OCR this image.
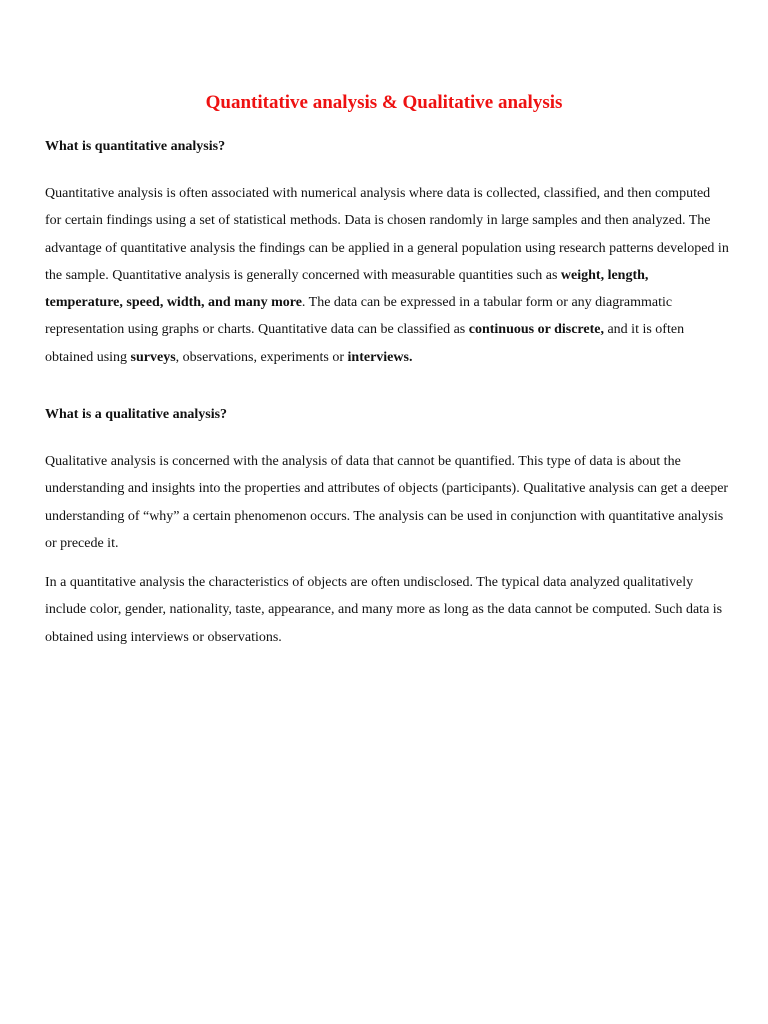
Quantitative analysis & Qualitative analysis
What is quantitative analysis?

Quantitative analysis is often associated with numerical analysis where data is collected, classified, and then computed for certain findings using a set of statistical methods. Data is chosen randomly in large samples and then analyzed. The advantage of quantitative analysis the findings can be applied in a general population using research patterns developed in the sample. Quantitative analysis is generally concerned with measurable quantities such as weight, length, temperature, speed, width, and many more. The data can be expressed in a tabular form or any diagrammatic representation using graphs or charts. Quantitative data can be classified as continuous or discrete, and it is often obtained using surveys, observations, experiments or interviews.

What is a qualitative analysis?

Qualitative analysis is concerned with the analysis of data that cannot be quantified. This type of data is about the understanding and insights into the properties and attributes of objects (participants). Qualitative analysis can get a deeper understanding of “why” a certain phenomenon occurs. The analysis can be used in conjunction with quantitative analysis or precede it.

In a quantitative analysis the characteristics of objects are often undisclosed. The typical data analyzed qualitatively include color, gender, nationality, taste, appearance, and many more as long as the data cannot be computed. Such data is obtained using interviews or observations.
